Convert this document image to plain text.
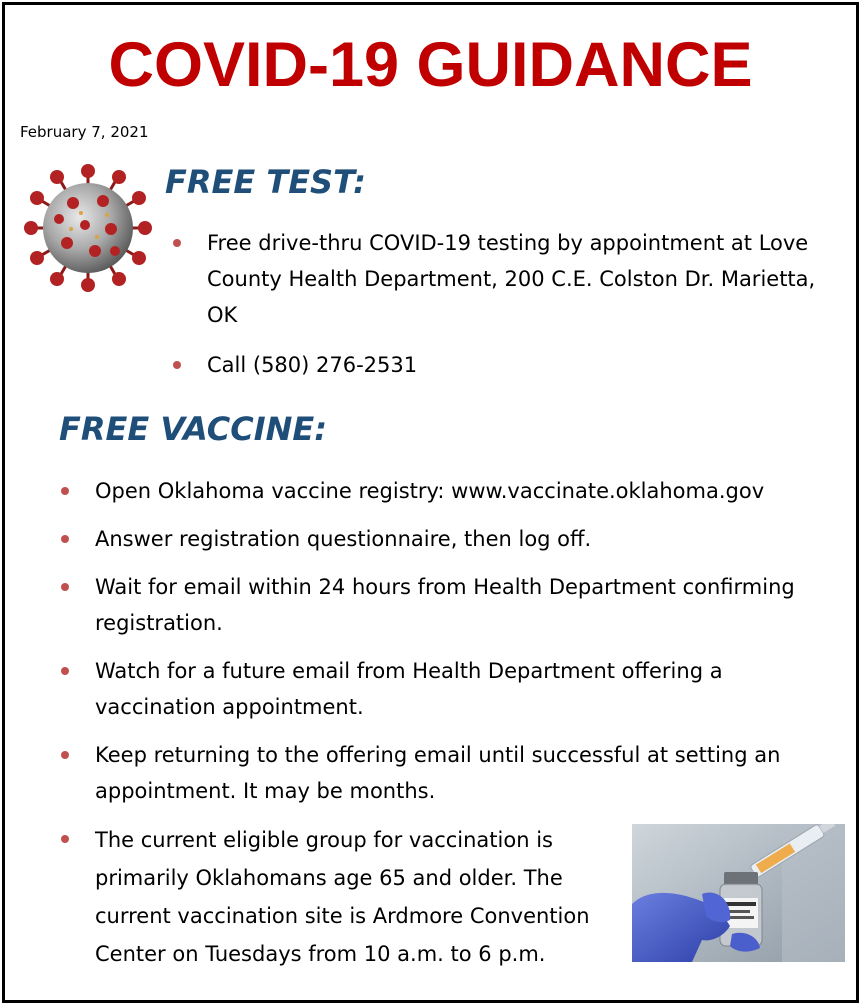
COVID-19 GUIDANCE
February 7, 2021
FREE TEST:
Free drive-thru COVID-19 testing by appointment at Love County Health Department, 200 C.E. Colston Dr. Marietta, OK
Call (580) 276-2531
FREE VACCINE:
Open Oklahoma vaccine registry: www.vaccinate.oklahoma.gov
Answer registration questionnaire, then log off.
Wait for email within 24 hours from Health Department confirming registration.
Watch for a future email from Health Department offering a vaccination appointment.
Keep returning to the offering email until successful at setting an appointment. It may be months.
The current eligible group for vaccination is primarily Oklahomans age 65 and older. The current vaccination site is Ardmore Convention Center on Tuesdays from 10 a.m. to 6 p.m.
